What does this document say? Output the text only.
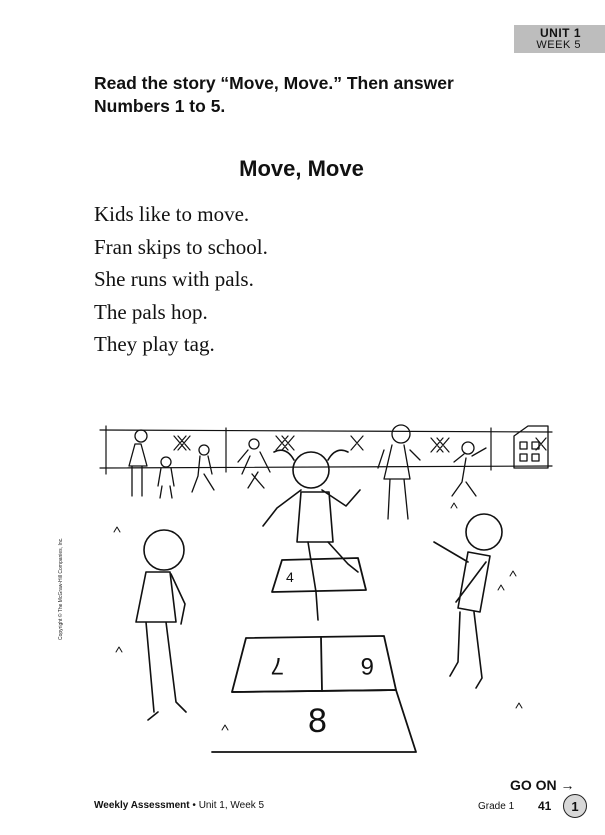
UNIT 1
WEEK 5
Read the story “Move, Move.” Then answer Numbers 1 to 5.
Move, Move
Kids like to move.
Fran skips to school.
She runs with pals.
The pals hop.
They play tag.
Copyright © The McGraw-Hill Companies, Inc.	4
7	6
8
GO ON →
Weekly Assessment • Unit 1, Week 5	Grade 1 41	1
